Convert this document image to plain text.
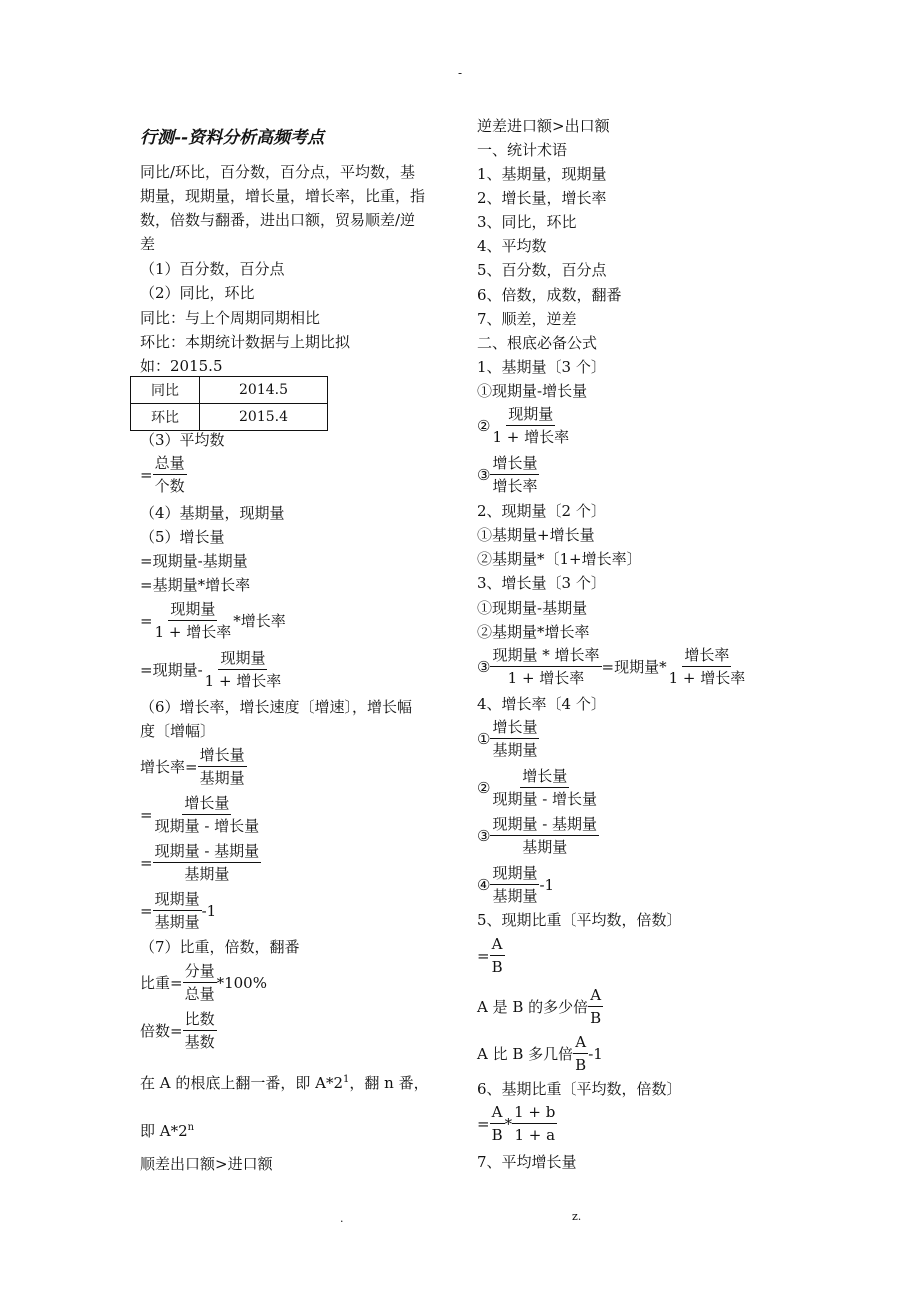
-
行测--资料分析高频考点
同比/环比，百分数，百分点，平均数，基
期量，现期量，增长量，增长率，比重，指
数，倍数与翻番，进出口额，贸易顺差/逆
差
（1）百分数，百分点
（2）同比，环比
同比：与上个周期同期相比
环比：本期统计数据与上期比拟
如：2015.5
同比	2014.5
环比	2015.4
（3）平均数
= $\frac{\text{总量}}{\text{个数}}$
（4）基期量，现期量
（5）增长量
=现期量-基期量
=基期量*增长率
= $\frac{\text{现期量}}{\text{1 + 增长率}}$ *增长率
=现期量- $\frac{\text{现期量}}{\text{1 + 增长率}}$
（6）增长率，增长速度〔增速〕，增长幅
度〔增幅〕
增长率= $\frac{\text{增长量}}{\text{基期量}}$
= $\frac{\text{增长量}}{\text{现期量 - 增长量}}$
= $\frac{\text{现期量 - 基期量}}{\text{基期量}}$
= $\frac{\text{现期量}}{\text{基期量}} -1$
（7）比重，倍数，翻番
比重= $\frac{\text{分量}}{\text{总量}} *100\%$
倍数= $\frac{\text{比数}}{\text{基数}}$
在 A 的根底上翻一番，即 $A*2^1$，翻 n 番，
即 A*2$^n$
顺差出口额>进口额
逆差进口额>出口额
一、统计术语
1、基期量，现期量
2、增长量，增长率
3、同比，环比
4、平均数
5、百分数，百分点
6、倍数，成数，翻番
7、顺差，逆差
二、根底必备公式
1、基期量〔3 个〕
①现期量-增长量
② $\frac{\text{现期量}}{\text{1 + 增长率}}$
③ $\frac{\text{增长量}}{\text{增长率}}$
2、现期量〔2 个〕
①基期量+增长量
②基期量*〔1+增长率〕
3、增长量〔3 个〕
①现期量-基期量
②基期量*增长率
③ $\frac{\text{现期量 * 增长率}}{\text{1 + 增长率}}$ =现期量* $\frac{\text{增长率}}{\text{1 + 增长率}}$
4、增长率〔4 个〕
① $\frac{\text{增长量}}{\text{基期量}}$
② $\frac{\text{增长量}}{\text{现期量 - 增长量}}$
③ $\frac{\text{现期量 - 基期量}}{\text{基期量}}$
④ $\frac{\text{现期量}}{\text{基期量}} -1$
5、现期比重〔平均数，倍数〕
= $\frac{A}{B}$
A 是 B 的多少倍 $\frac{A}{B}$
A 比 B 多几倍 $\frac{A}{B} -1$
6、基期比重〔平均数，倍数〕
= $\frac{A}{B} * \frac{1 + b}{1 + a}$
7、平均增长量
.	z.
